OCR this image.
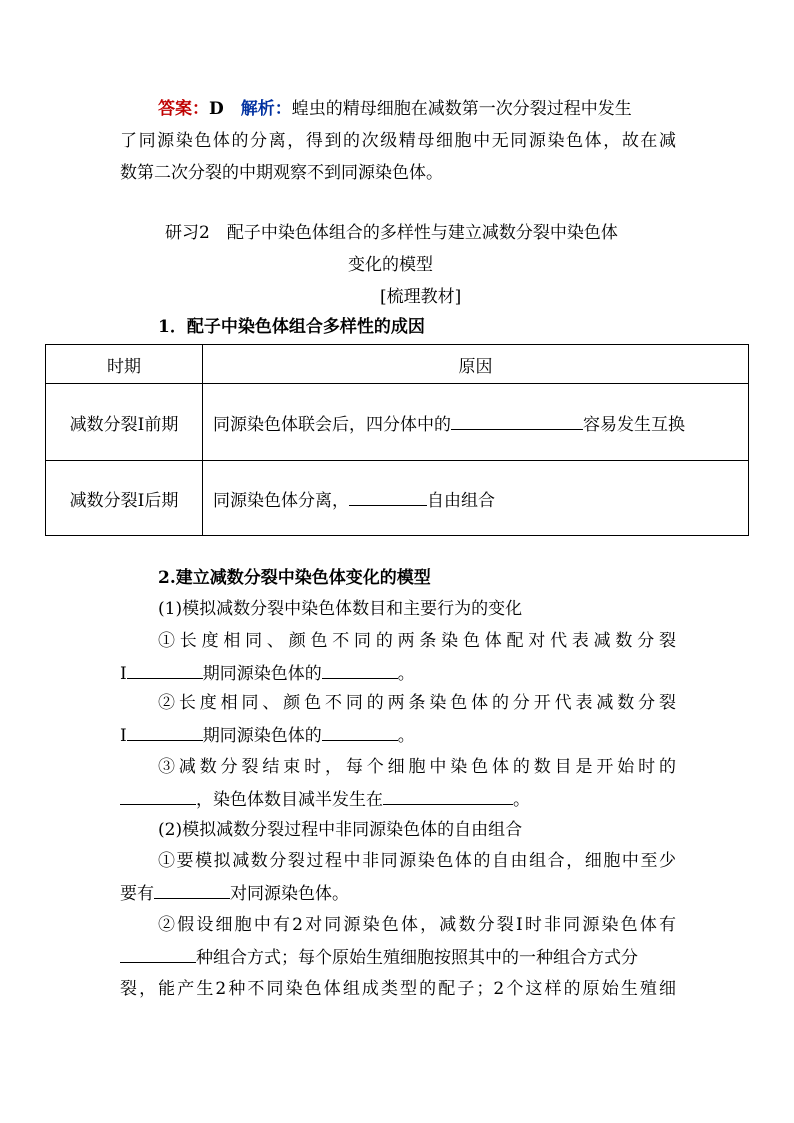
答案：D　 解析：蝗虫的精母细胞在减数第一次分裂过程中发生
了同源染色体的分离，得到的次级精母细胞中无同源染色体，故在减
数第二次分裂的中期观察不到同源染色体。
研习2　配子中染色体组合的多样性与建立减数分裂中染色体
变化的模型
[梳理教材]
1．配子中染色体组合多样性的成因
时期	原因
减数分裂Ⅰ前期	同源染色体联会后，四分体中的 容易发生互换
减数分裂Ⅰ后期	同源染色体分离， 自由组合
2.建立减数分裂中染色体变化的模型
(1)模拟减数分裂中染色体数目和主要行为的变化
①长度相同、颜色不同的两条染色体配对代表减数分裂
Ⅰ	期同源染色体的	。
②长度相同、颜色不同的两条染色体的分开代表减数分裂
Ⅰ	期同源染色体的	。
③减数分裂结束时，每个细胞中染色体的数目是开始时的
，染色体数目减半发生在	。
(2)模拟减数分裂过程中非同源染色体的自由组合
①要模拟减数分裂过程中非同源染色体的自由组合，细胞中至少
要有	对同源染色体。
②假设细胞中有2对同源染色体，减数分裂Ⅰ时非同源染色体有
种组合方式；每个原始生殖细胞按照其中的一种组合方式分
裂，能产生2种不同染色体组成类型的配子；2个这样的原始生殖细
